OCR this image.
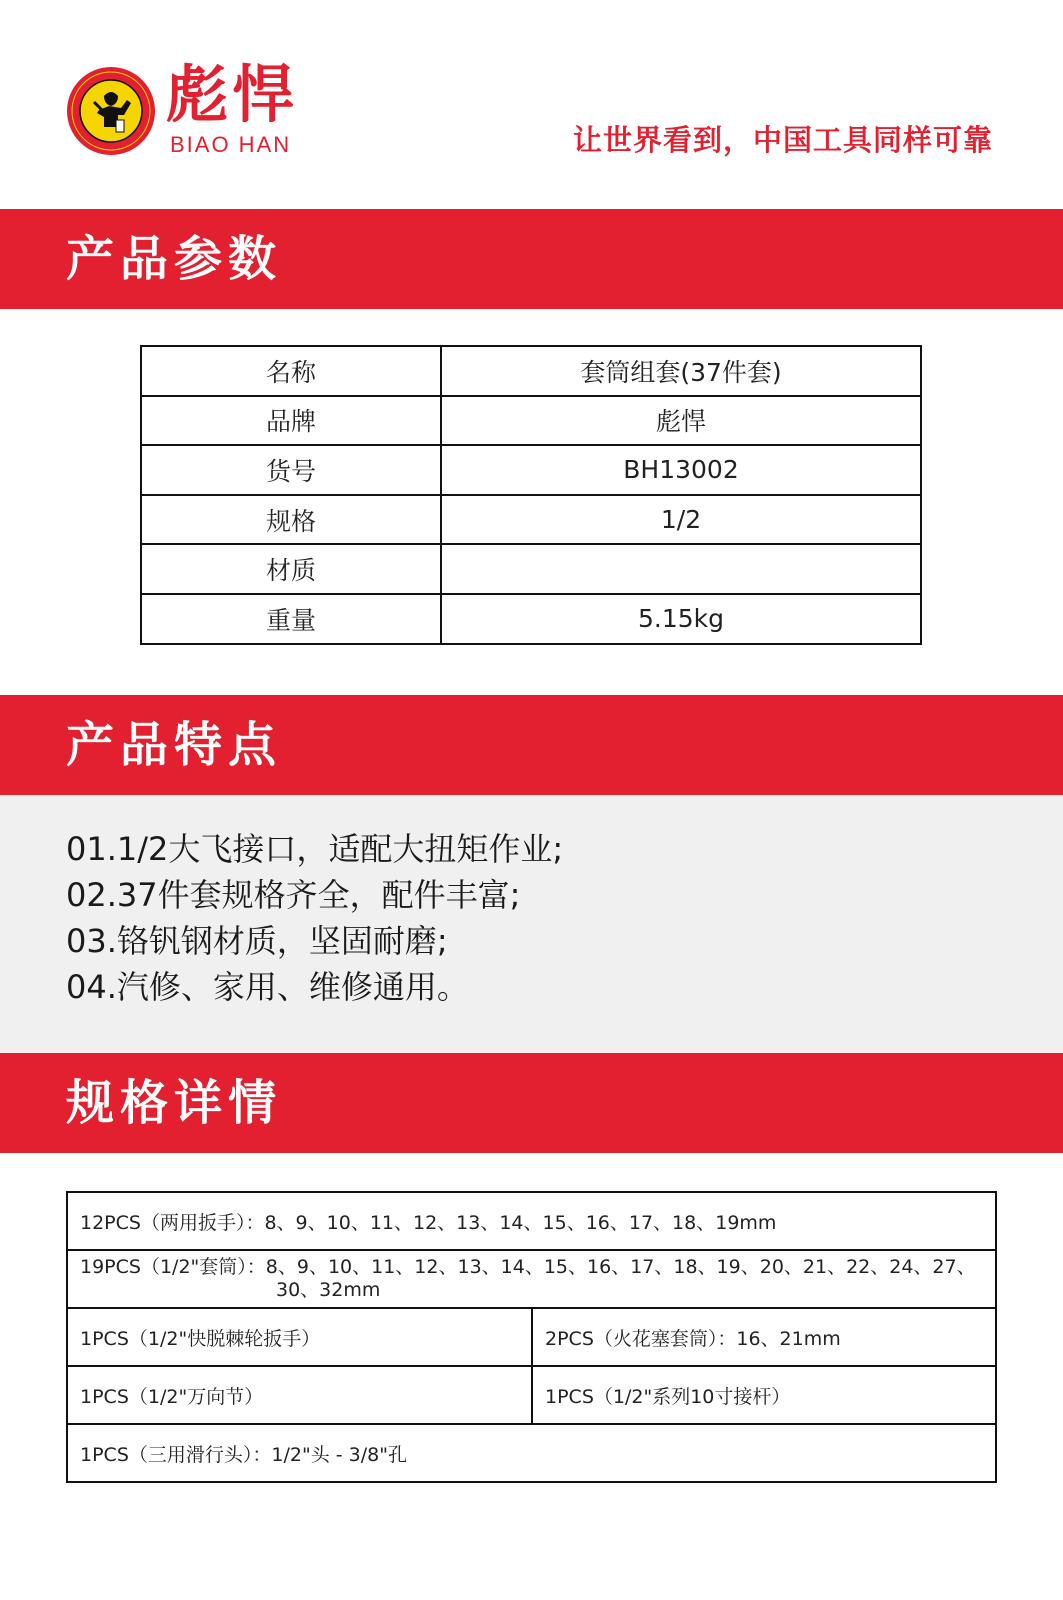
彪悍
BIAO HAN	让世界看到，中国工具同样可靠
产品参数
名称	套筒组套(37件套)
品牌	彪悍
货号	BH13002
规格	1/2
材质	
重量	5.15kg
产品特点
01.1/2大飞接口，适配大扭矩作业;
02.37件套规格齐全，配件丰富;
03.铬钒钢材质，坚固耐磨;
04.汽修、家用、维修通用。
规格详情
12PCS（两用扳手）：8、9、10、11、12、13、14、15、16、17、18、19mm	

19PCS（1/2"套筒）：8、9、10、11、12、13、14、15、16、17、18、19、20、21、22、24、27、
30、32mm	

1PCS（1/2"快脱棘轮扳手）	2PCS（火花塞套筒）：16、21mm
1PCS（1/2"万向节）	1PCS（1/2"系列10寸接杆）
1PCS（三用滑行头）：1/2"头 - 3/8"孔	
